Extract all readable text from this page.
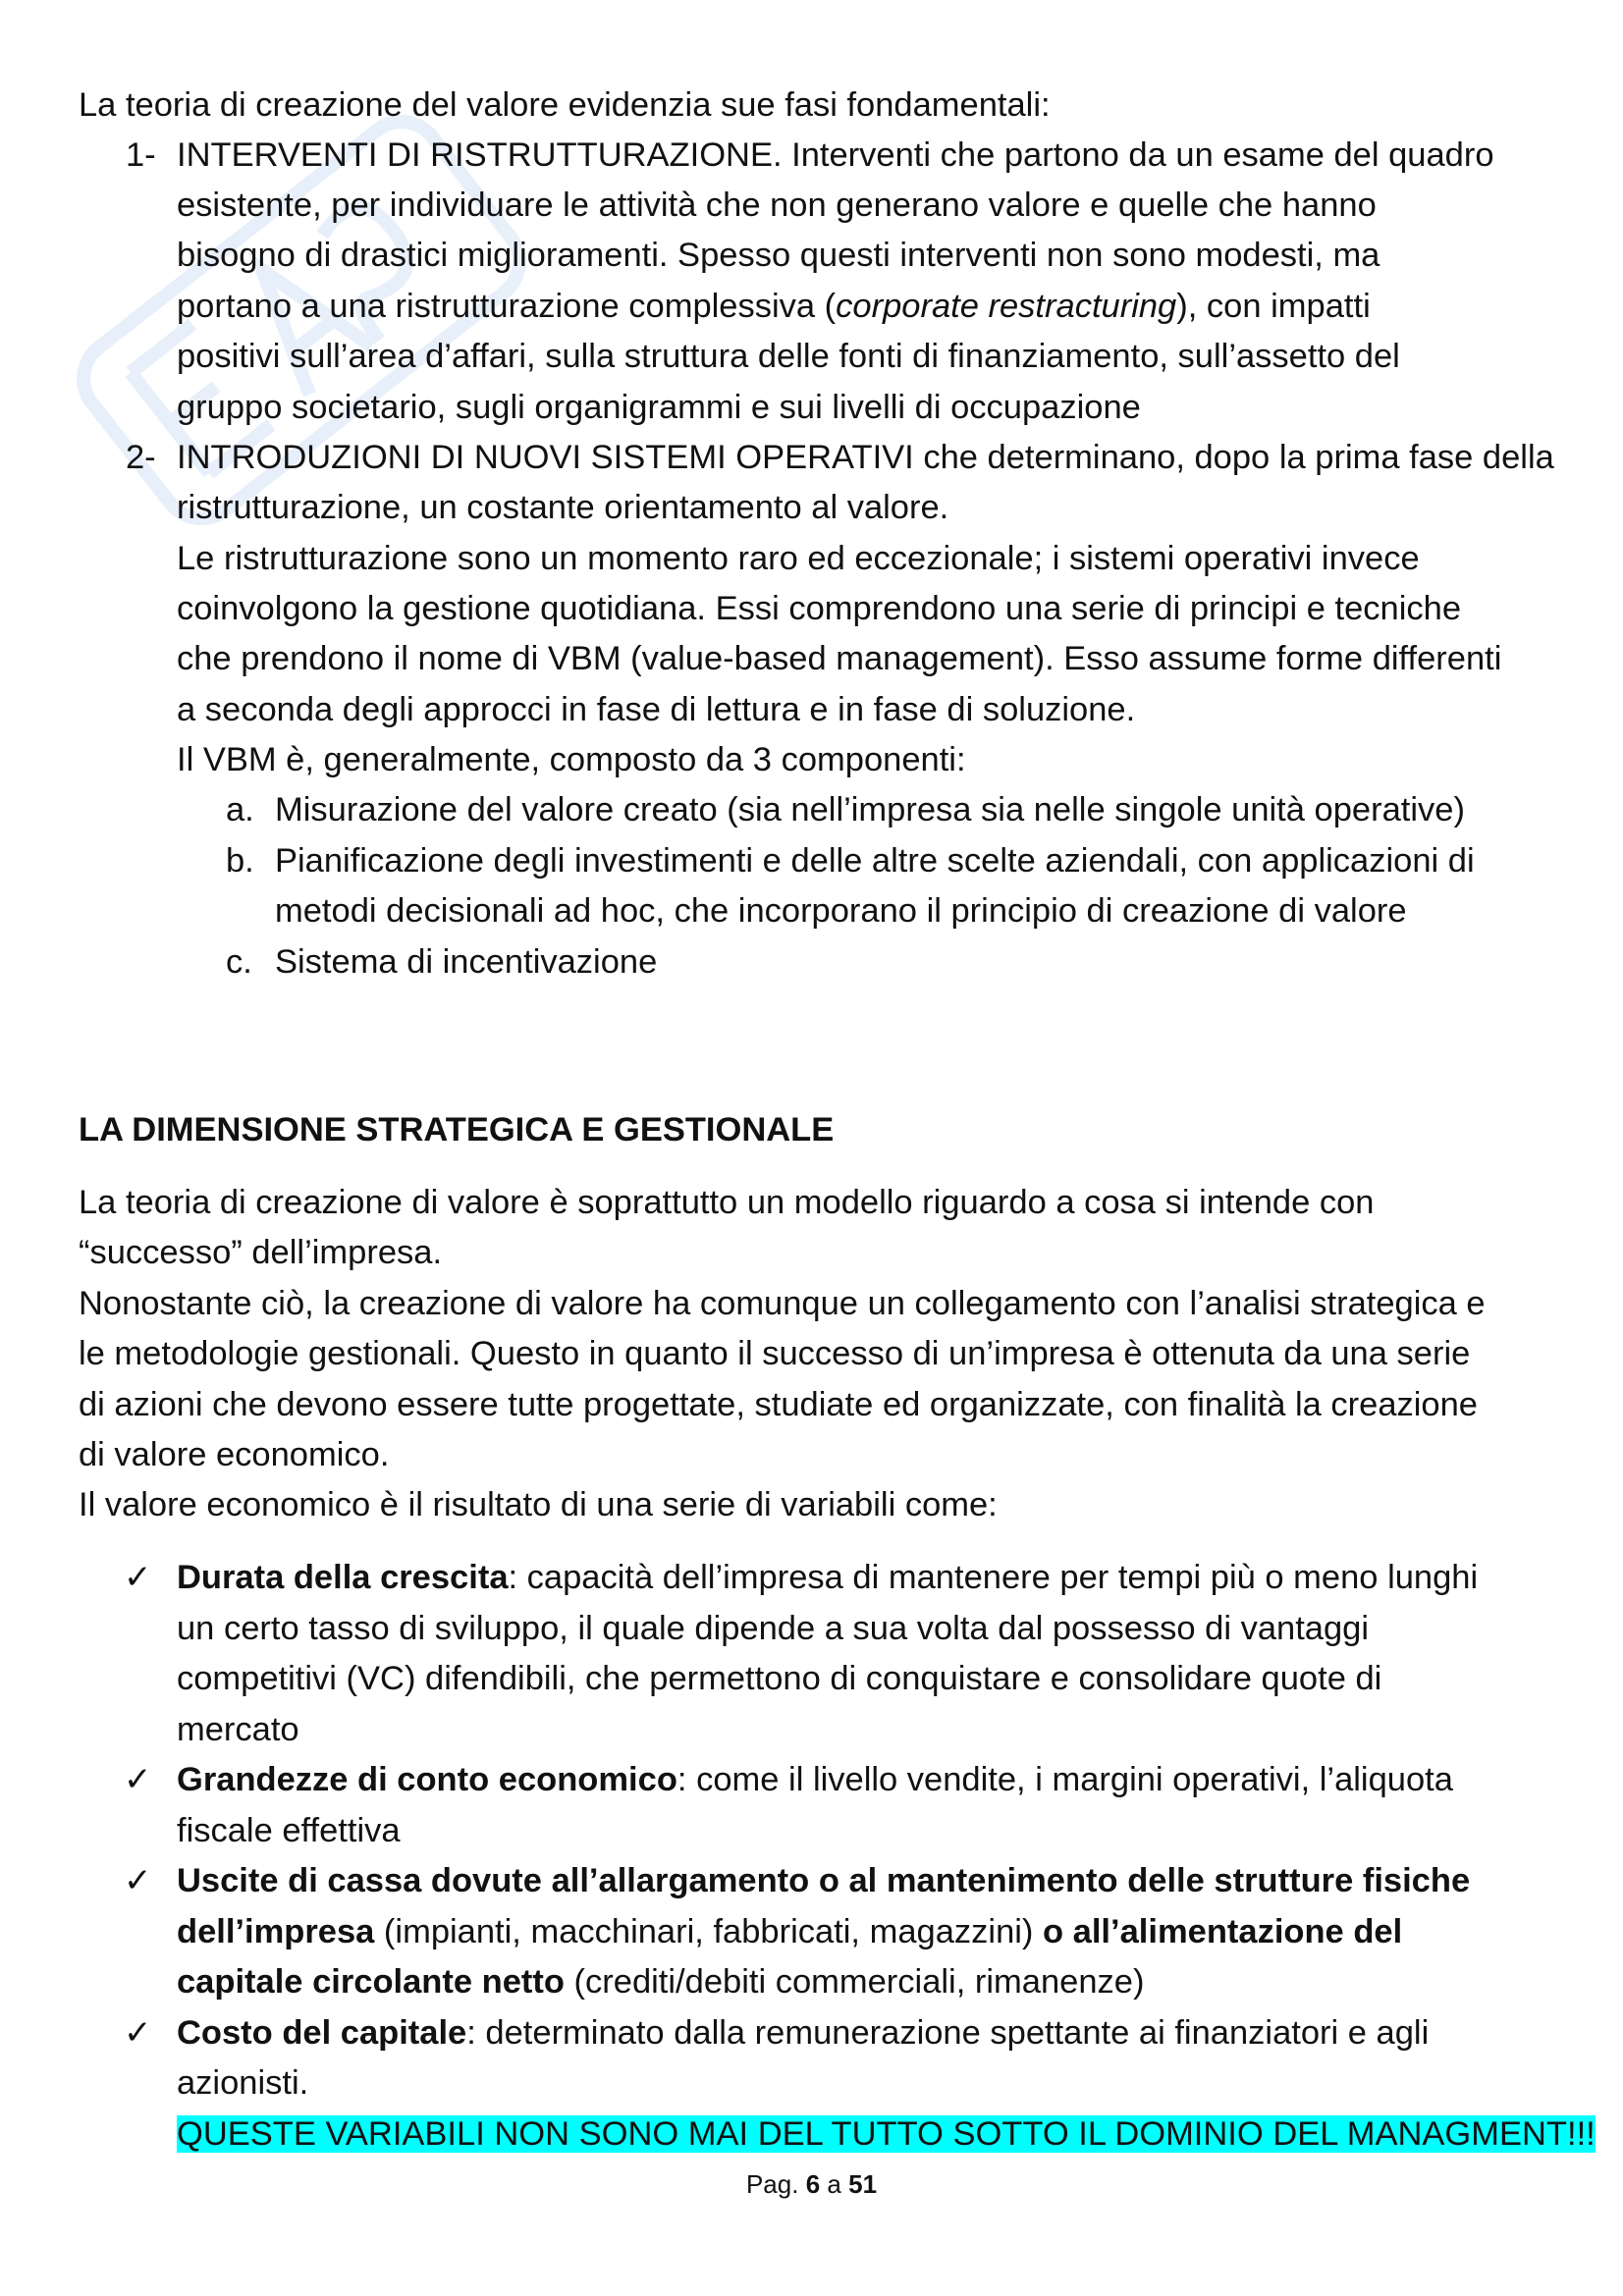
La teoria di creazione del valore evidenzia sue fasi fondamentali:
1- INTERVENTI DI RISTRUTTURAZIONE. Interventi che partono da un esame del quadro
esistente, per individuare le attività che non generano valore e quelle che hanno
bisogno di drastici miglioramenti. Spesso questi interventi non sono modesti, ma
portano a una ristrutturazione complessiva (corporate restracturing), con impatti
positivi sull’area d’affari, sulla struttura delle fonti di finanziamento, sull’assetto del
gruppo societario, sugli organigrammi e sui livelli di occupazione
2- INTRODUZIONI DI NUOVI SISTEMI OPERATIVI che determinano, dopo la prima fase della
ristrutturazione, un costante orientamento al valore.
Le ristrutturazione sono un momento raro ed eccezionale; i sistemi operativi invece
coinvolgono la gestione quotidiana. Essi comprendono una serie di principi e tecniche
che prendono il nome di VBM (value-based management). Esso assume forme differenti
a seconda degli approcci in fase di lettura e in fase di soluzione.
Il VBM è, generalmente, composto da 3 componenti:
a. Misurazione del valore creato (sia nell’impresa sia nelle singole unità operative)
b. Pianificazione degli investimenti e delle altre scelte aziendali, con applicazioni di
metodi decisionali ad hoc, che incorporano il principio di creazione di valore
c. Sistema di incentivazione
LA DIMENSIONE STRATEGICA E GESTIONALE
La teoria di creazione di valore è soprattutto un modello riguardo a cosa si intende con
“successo” dell’impresa.
Nonostante ciò, la creazione di valore ha comunque un collegamento con l’analisi strategica e
le metodologie gestionali. Questo in quanto il successo di un’impresa è ottenuta da una serie
di azioni che devono essere tutte progettate, studiate ed organizzate, con finalità la creazione
di valore economico.
Il valore economico è il risultato di una serie di variabili come:
✓ Durata della crescita: capacità dell’impresa di mantenere per tempi più o meno lunghi
un certo tasso di sviluppo, il quale dipende a sua volta dal possesso di vantaggi
competitivi (VC) difendibili, che permettono di conquistare e consolidare quote di
mercato
✓ Grandezze di conto economico: come il livello vendite, i margini operativi, l’aliquota
fiscale effettiva
✓ Uscite di cassa dovute all’allargamento o al mantenimento delle strutture fisiche
dell’impresa (impianti, macchinari, fabbricati, magazzini) o all’alimentazione del
capitale circolante netto (crediti/debiti commerciali, rimanenze)
✓ Costo del capitale: determinato dalla remunerazione spettante ai finanziatori e agli
azionisti.
QUESTE VARIABILI NON SONO MAI DEL TUTTO SOTTO IL DOMINIO DEL MANAGMENT!!!
Pag. 6 a 51
